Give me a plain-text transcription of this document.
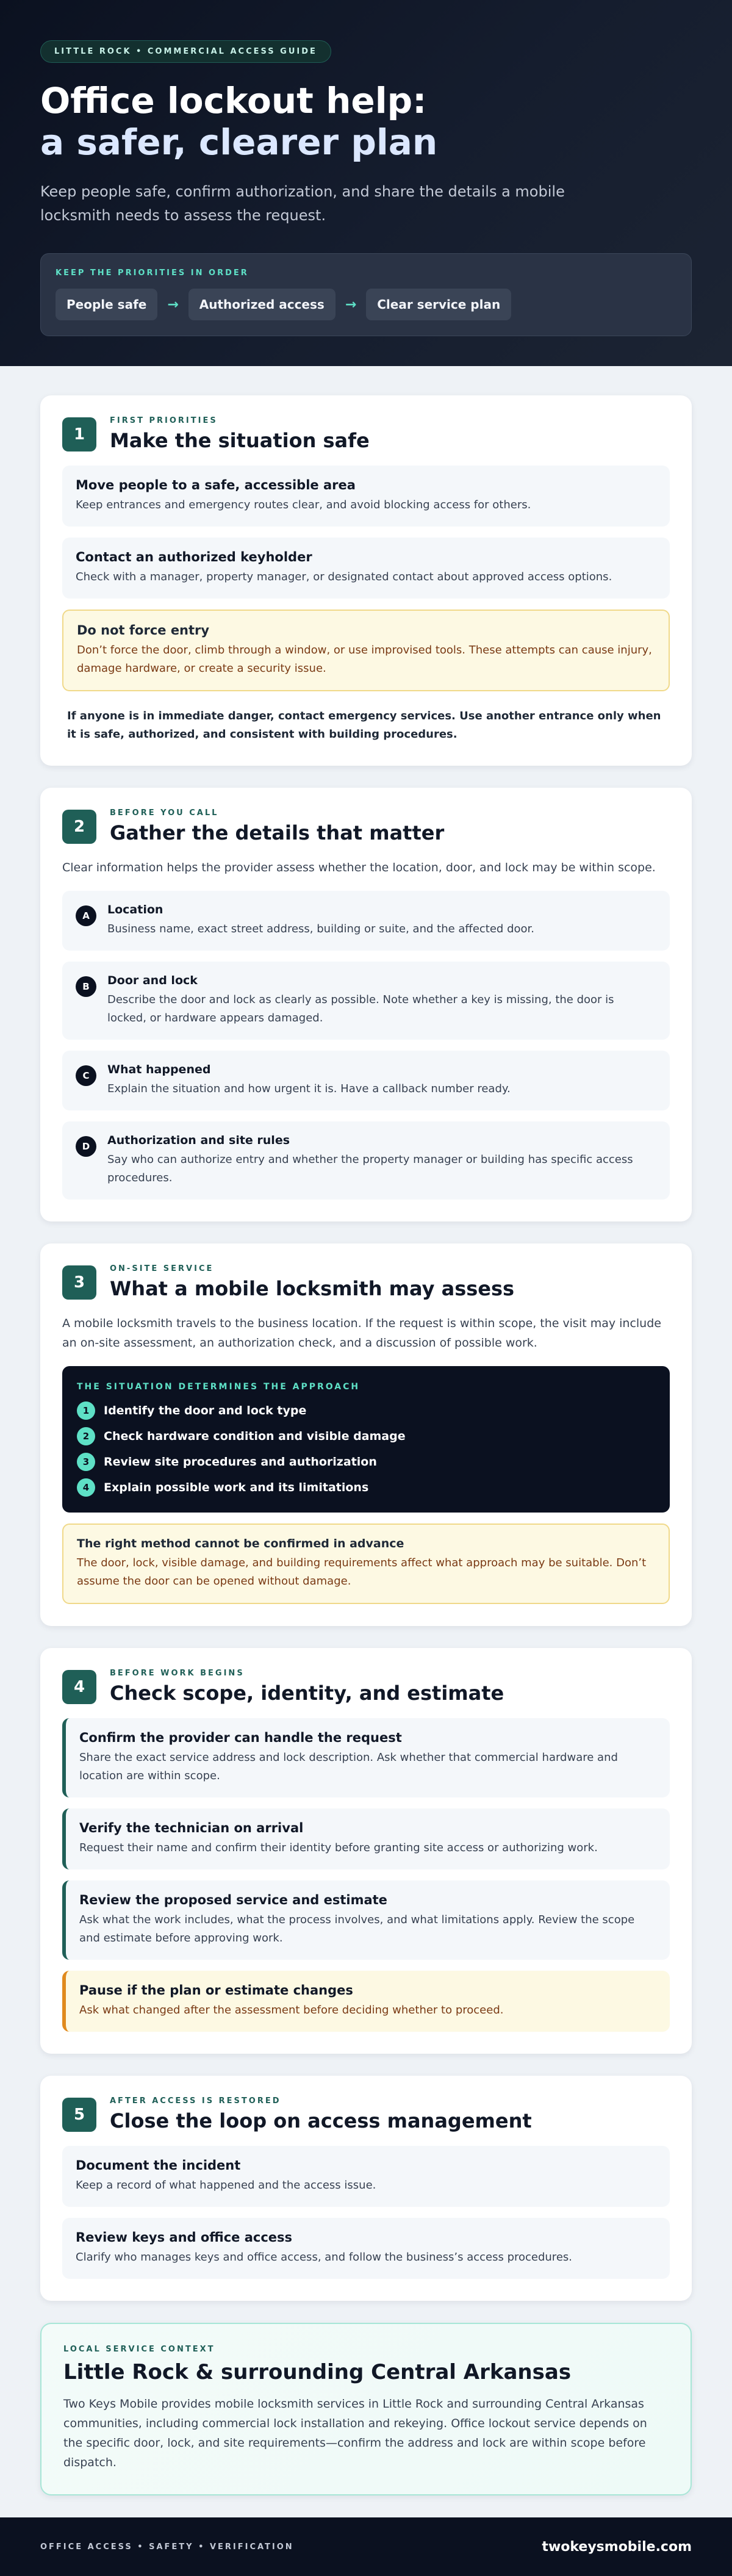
LITTLE ROCK • COMMERCIAL ACCESS GUIDE
Office lockout help:
a safer, clearer plan

Keep people safe, confirm authorization, and share the details a mobile locksmith needs to assess the request.

KEEP THE PRIORITIES IN ORDER
People safe	→	Authorized access	→	Clear service plan
1
FIRST PRIORITIES
Make the situation safe
Move people to a safe, accessible area
Keep entrances and emergency routes clear, and avoid blocking access for others.
Contact an authorized keyholder
Check with a manager, property manager, or designated contact about approved access options.
Do not force entry
Don’t force the door, climb through a window, or use improvised tools. These attempts can cause injury, damage hardware, or create a security issue.

If anyone is in immediate danger, contact emergency services. Use another entrance only when it is safe, authorized, and consistent with building procedures.

2
BEFORE YOU CALL
Gather the details that matter

Clear information helps the provider assess whether the location, door, and lock may be within scope.

A	Location
Business name, exact street address, building or suite, and the affected door.
B	Door and lock
Describe the door and lock as clearly as possible. Note whether a key is missing, the door is locked, or hardware appears damaged.
C	What happened
Explain the situation and how urgent it is. Have a callback number ready.
D	Authorization and site rules
Say who can authorize entry and whether the property manager or building has specific access procedures.
3
ON-SITE SERVICE
What a mobile locksmith may assess

A mobile locksmith travels to the business location. If the request is within scope, the visit may include an on-site assessment, an authorization check, and a discussion of possible work.

THE SITUATION DETERMINES THE APPROACH
1	Identify the door and lock type
2	Check hardware condition and visible damage
3	Review site procedures and authorization
4	Explain possible work and its limitations
The right method cannot be confirmed in advance
The door, lock, visible damage, and building requirements affect what approach may be suitable. Don’t assume the door can be opened without damage.
4
BEFORE WORK BEGINS
Check scope, identity, and estimate
Confirm the provider can handle the request
Share the exact service address and lock description. Ask whether that commercial hardware and location are within scope.
Verify the technician on arrival
Request their name and confirm their identity before granting site access or authorizing work.
Review the proposed service and estimate
Ask what the work includes, what the process involves, and what limitations apply. Review the scope and estimate before approving work.
Pause if the plan or estimate changes
Ask what changed after the assessment before deciding whether to proceed.
5
AFTER ACCESS IS RESTORED
Close the loop on access management
Document the incident
Keep a record of what happened and the access issue.
Review keys and office access
Clarify who manages keys and office access, and follow the business’s access procedures.
LOCAL SERVICE CONTEXT
Little Rock & surrounding Central Arkansas

Two Keys Mobile provides mobile locksmith services in Little Rock and surrounding Central Arkansas communities, including commercial lock installation and rekeying. Office lockout service depends on the specific door, lock, and site requirements—confirm the address and lock are within scope before dispatch.

OFFICE ACCESS • SAFETY • VERIFICATION	twokeysmobile.com
